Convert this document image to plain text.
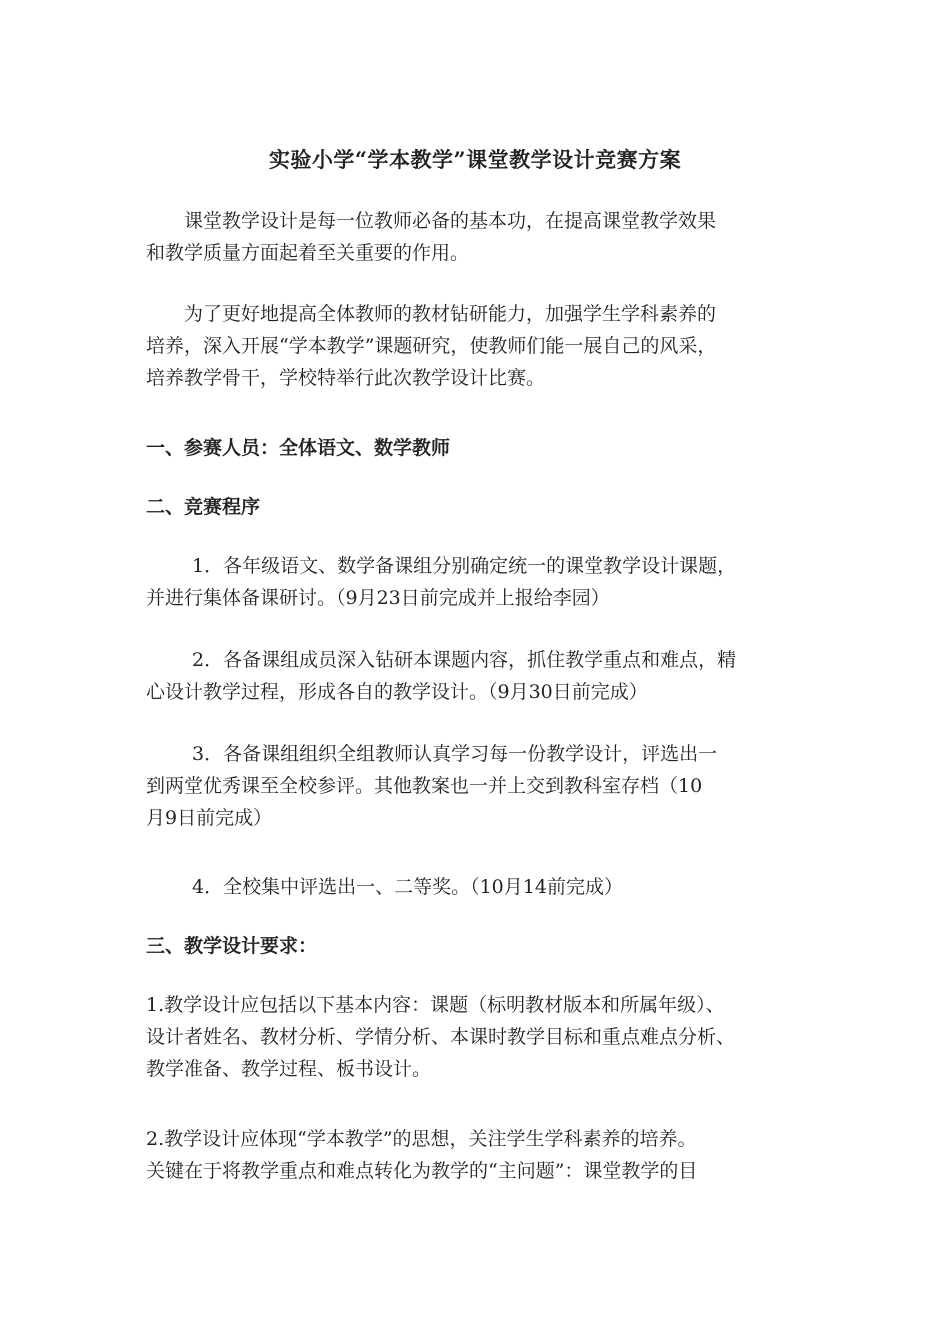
实验小学“学本教学”课堂教学设计竞赛方案
课堂教学设计是每一位教师必备的基本功，在提高课堂教学效果
和教学质量方面起着至关重要的作用。
为了更好地提高全体教师的教材钻研能力，加强学生学科素养的
培养，深入开展“学本教学”课题研究，使教师们能一展自己的风采，
培养教学骨干，学校特举行此次教学设计比赛。
一、参赛人员：全体语文、数学教师
二、竞赛程序
1．各年级语文、数学备课组分别确定统一的课堂教学设计课题，
并进行集体备课研讨。（9月23日前完成并上报给李园）
2．各备课组成员深入钻研本课题内容，抓住教学重点和难点，精
心设计教学过程，形成各自的教学设计。（9月30日前完成）
3．各备课组组织全组教师认真学习每一份教学设计，评选出一
到两堂优秀课至全校参评。其他教案也一并上交到教科室存档（10
月9日前完成）
4．全校集中评选出一、二等奖。（10月14前完成）
三、教学设计要求：
1.教学设计应包括以下基本内容：课题（标明教材版本和所属年级）、
设计者姓名、教材分析、学情分析、本课时教学目标和重点难点分析、
教学准备、教学过程、板书设计。
2.教学设计应体现“学本教学”的思想，关注学生学科素养的培养。
关键在于将教学重点和难点转化为教学的“主问题”：课堂教学的目
